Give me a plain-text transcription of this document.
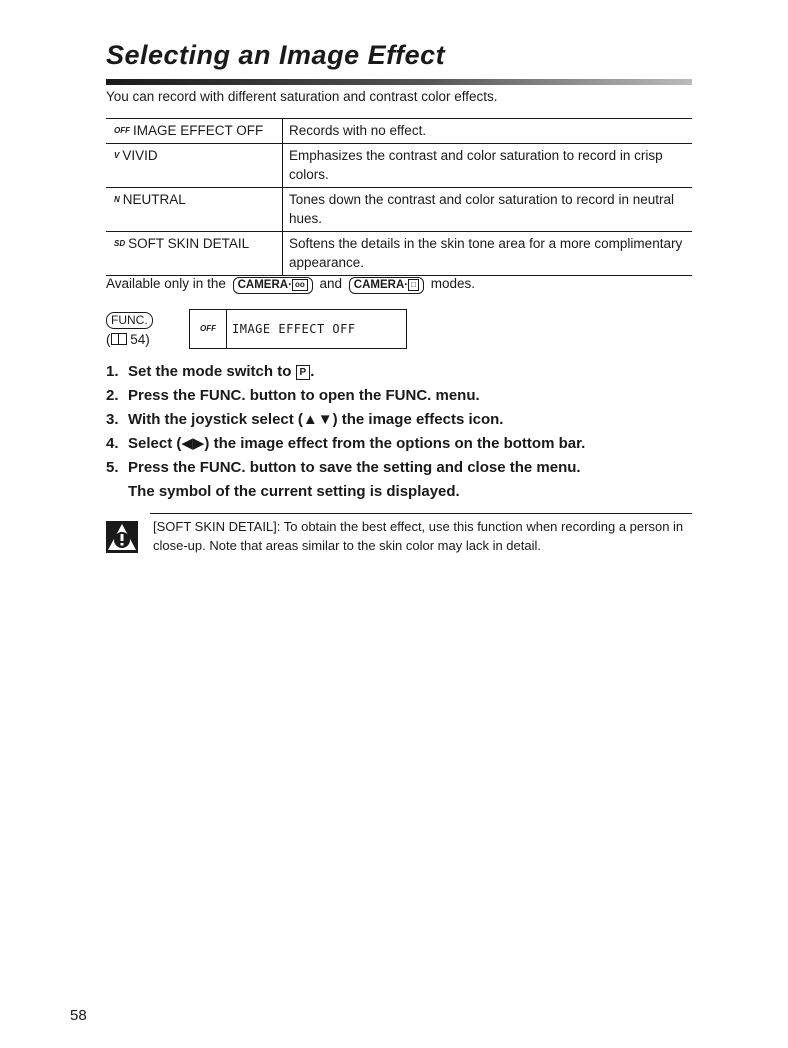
Selecting an Image Effect
You can record with different saturation and contrast color effects.
OFF IMAGE EFFECT OFF	Records with no effect.
V VIVID	Emphasizes the contrast and color saturation to record in crisp colors.
N NEUTRAL	Tones down the contrast and color saturation to record in neutral hues.
SD SOFT SKIN DETAIL	Softens the details in the skin tone area for a more complimentary appearance.
Available only in the CAMERA· oo and CAMERA· □ modes.
FUNC.
( 54)
OFF	IMAGE EFFECT OFF
1. Set the mode switch to P .
2. Press the FUNC. button to open the FUNC. menu.
3. With the joystick select (▲▼) the image effects icon.
4. Select (◀▶) the image effect from the options on the bottom bar.
5. Press the FUNC. button to save the setting and close the menu.
The symbol of the current setting is displayed.
[SOFT SKIN DETAIL]: To obtain the best effect, use this function when recording a person in close-up. Note that areas similar to the skin color may lack in detail.
58
